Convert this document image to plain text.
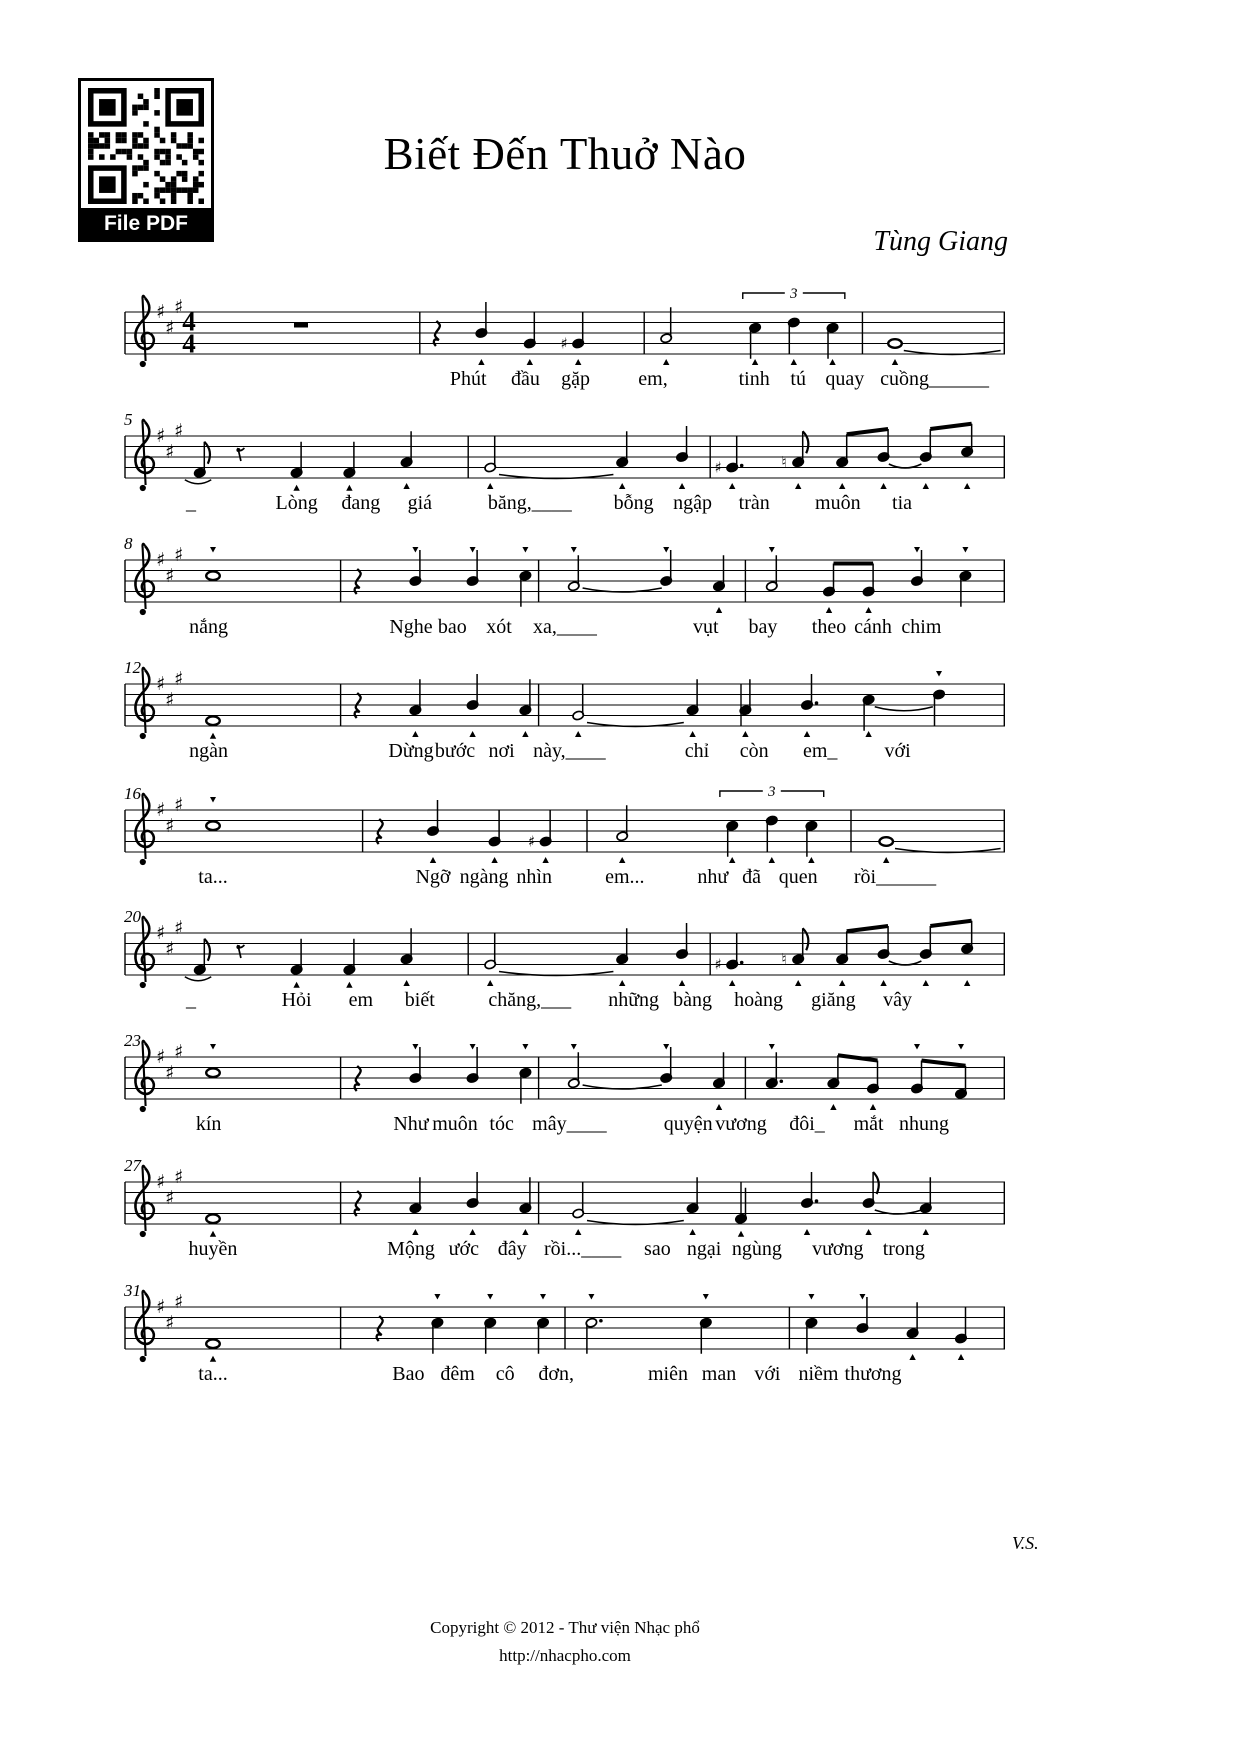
File PDF
Biết Đến Thuở Nào
Tùng Giang
♯
♯
♯ 4
4	♯
3
Phút đầu gặp em,	tinh tú quay cuồng______
5
♯
♯
♯
♯	♮
_	Lòng đang giá	băng,____ bỗng ngập tràn muôn tia
8
♯
♯
♯
nắng	Nghe bao xót xa,____	vụt bay theo cánh chim
12
♯
♯
♯
ngàn	Dừng bước nơi này,____	chỉ còn em_ với
16
♯
♯
♯
♯
3
ta...	Ngỡ ngàng nhìn	em...	như đã quen rồi______
20
♯
♯
♯
♯	♮
_	Hỏi em biết	chăng,___ những bàng hoàng giăng vây
23
♯
♯
♯
kín	Như muôn tóc mây____	quyện vương đôi_ mắt nhung
27
♯
♯
♯
huyền	Mộng ước đây rồi...____ sao ngại ngùng vương trong
31
♯
♯
♯
ta...	Bao đêm cô đơn,	miên man với niềm thương
V.S.
Copyright © 2012 - Thư viện Nhạc phổ
http://nhacpho.com
